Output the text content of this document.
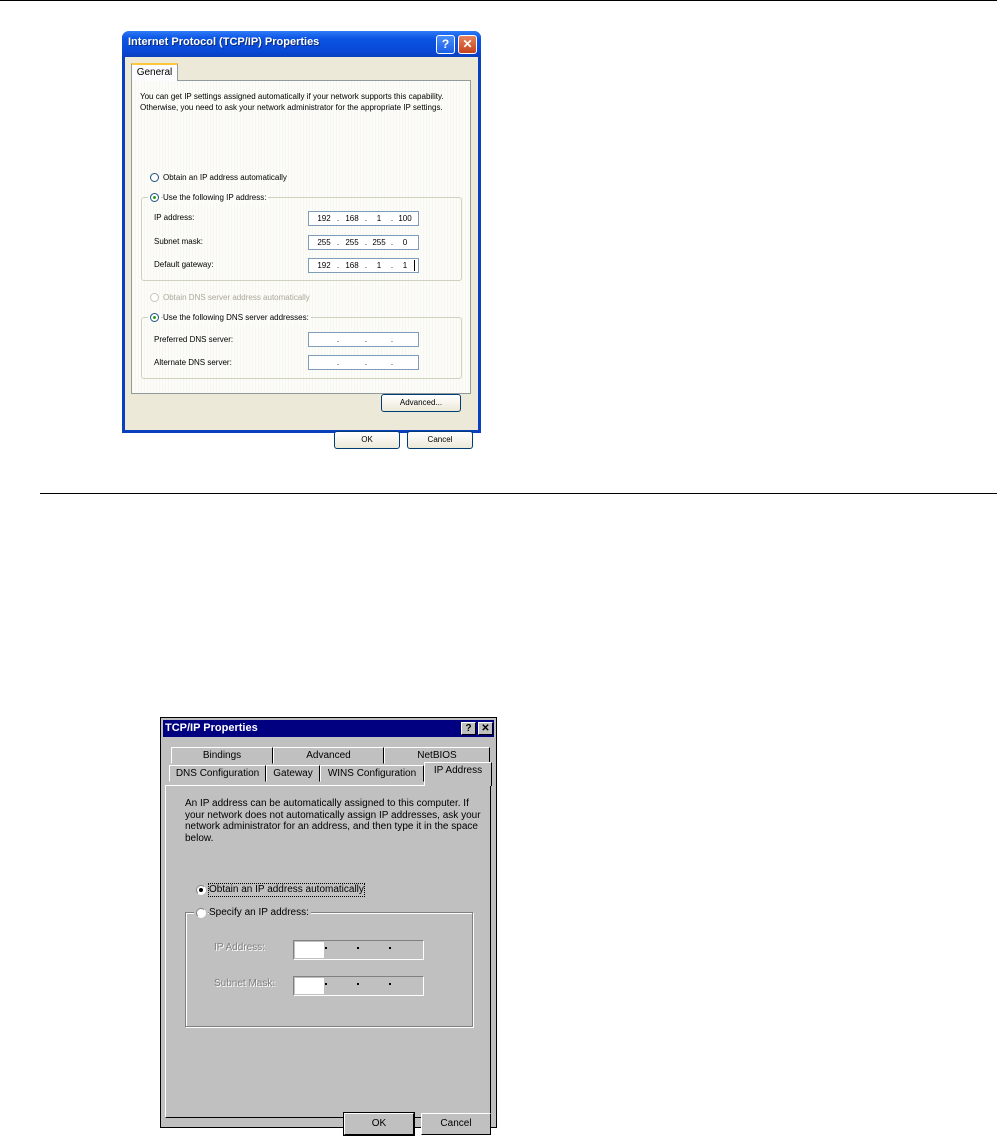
Internet Protocol (TCP/IP) Properties	?	✕
General
You can get IP settings assigned automatically if your network supports this capability. Otherwise, you need to ask your network administrator for the appropriate IP settings.
Obtain an IP address automatically
Use the following IP address:
IP address:	192 . 168 .	1	. 100
Subnet mask:	255 . 255 . 255 .	0
Default gateway:	192 . 168 .	1	.	1
Obtain DNS server address automatically
Use the following DNS server addresses:
Preferred DNS server:	.	.	.
Alternate DNS server:	.	.	.
Advanced...
OK	Cancel
TCP/IP Properties	? ✕
Bindings	Advanced	NetBIOS
DNS Configuration	Gateway	WINS Configuration	IP Address
An IP address can be automatically assigned to this computer. If your network does not automatically assign IP addresses, ask your network administrator for an address, and then type it in the space below.
Obtain an IP address automatically
Specify an IP address:
IP Address:
Subnet Mask:
OK	Cancel
